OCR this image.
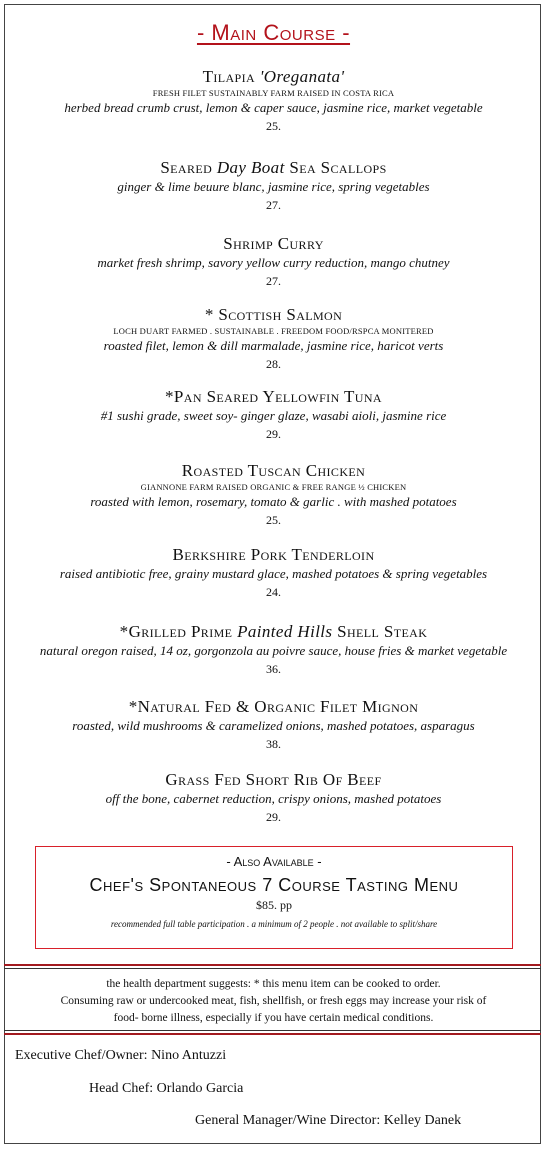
- Main Course -
Tilapia 'Oreganata'
FRESH FILET SUSTAINABLY FARM RAISED IN COSTA RICA
herbed bread crumb crust, lemon & caper sauce, jasmine rice, market vegetable
25.
Seared Day Boat Sea Scallops
ginger & lime beuure blanc, jasmine rice, spring vegetables
27.
Shrimp Curry
market fresh shrimp, savory yellow curry reduction, mango chutney
27.
* Scottish Salmon
LOCH DUART FARMED . SUSTAINABLE . FREEDOM FOOD/RSPCA MONITERED
roasted filet, lemon & dill marmalade, jasmine rice, haricot verts
28.
*Pan Seared Yellowfin Tuna
#1 sushi grade, sweet soy- ginger glaze, wasabi aioli, jasmine rice
29.
Roasted Tuscan Chicken
GIANNONE FARM RAISED ORGANIC & FREE RANGE ½ CHICKEN
roasted with lemon, rosemary, tomato & garlic . with mashed potatoes
25.
Berkshire Pork Tenderloin
raised antibiotic free, grainy mustard glace, mashed potatoes & spring vegetables
24.
*Grilled Prime Painted Hills Shell Steak
natural oregon raised, 14 oz, gorgonzola au poivre sauce, house fries & market vegetable
36.
*Natural Fed & Organic Filet Mignon
roasted, wild mushrooms & caramelized onions, mashed potatoes, asparagus
38.
Grass Fed Short Rib Of Beef
off the bone, cabernet reduction, crispy onions, mashed potatoes
29.
- Also Available -
Chef's Spontaneous 7 Course Tasting Menu
$85. pp
recommended full table participation . a minimum of 2 people . not available to split/share
the health department suggests: * this menu item can be cooked to order.
Consuming raw or undercooked meat, fish, shellfish, or fresh eggs may increase your risk of
food- borne illness, especially if you have certain medical conditions.
Executive Chef/Owner: Nino Antuzzi
Head Chef: Orlando Garcia
General Manager/Wine Director: Kelley Danek
